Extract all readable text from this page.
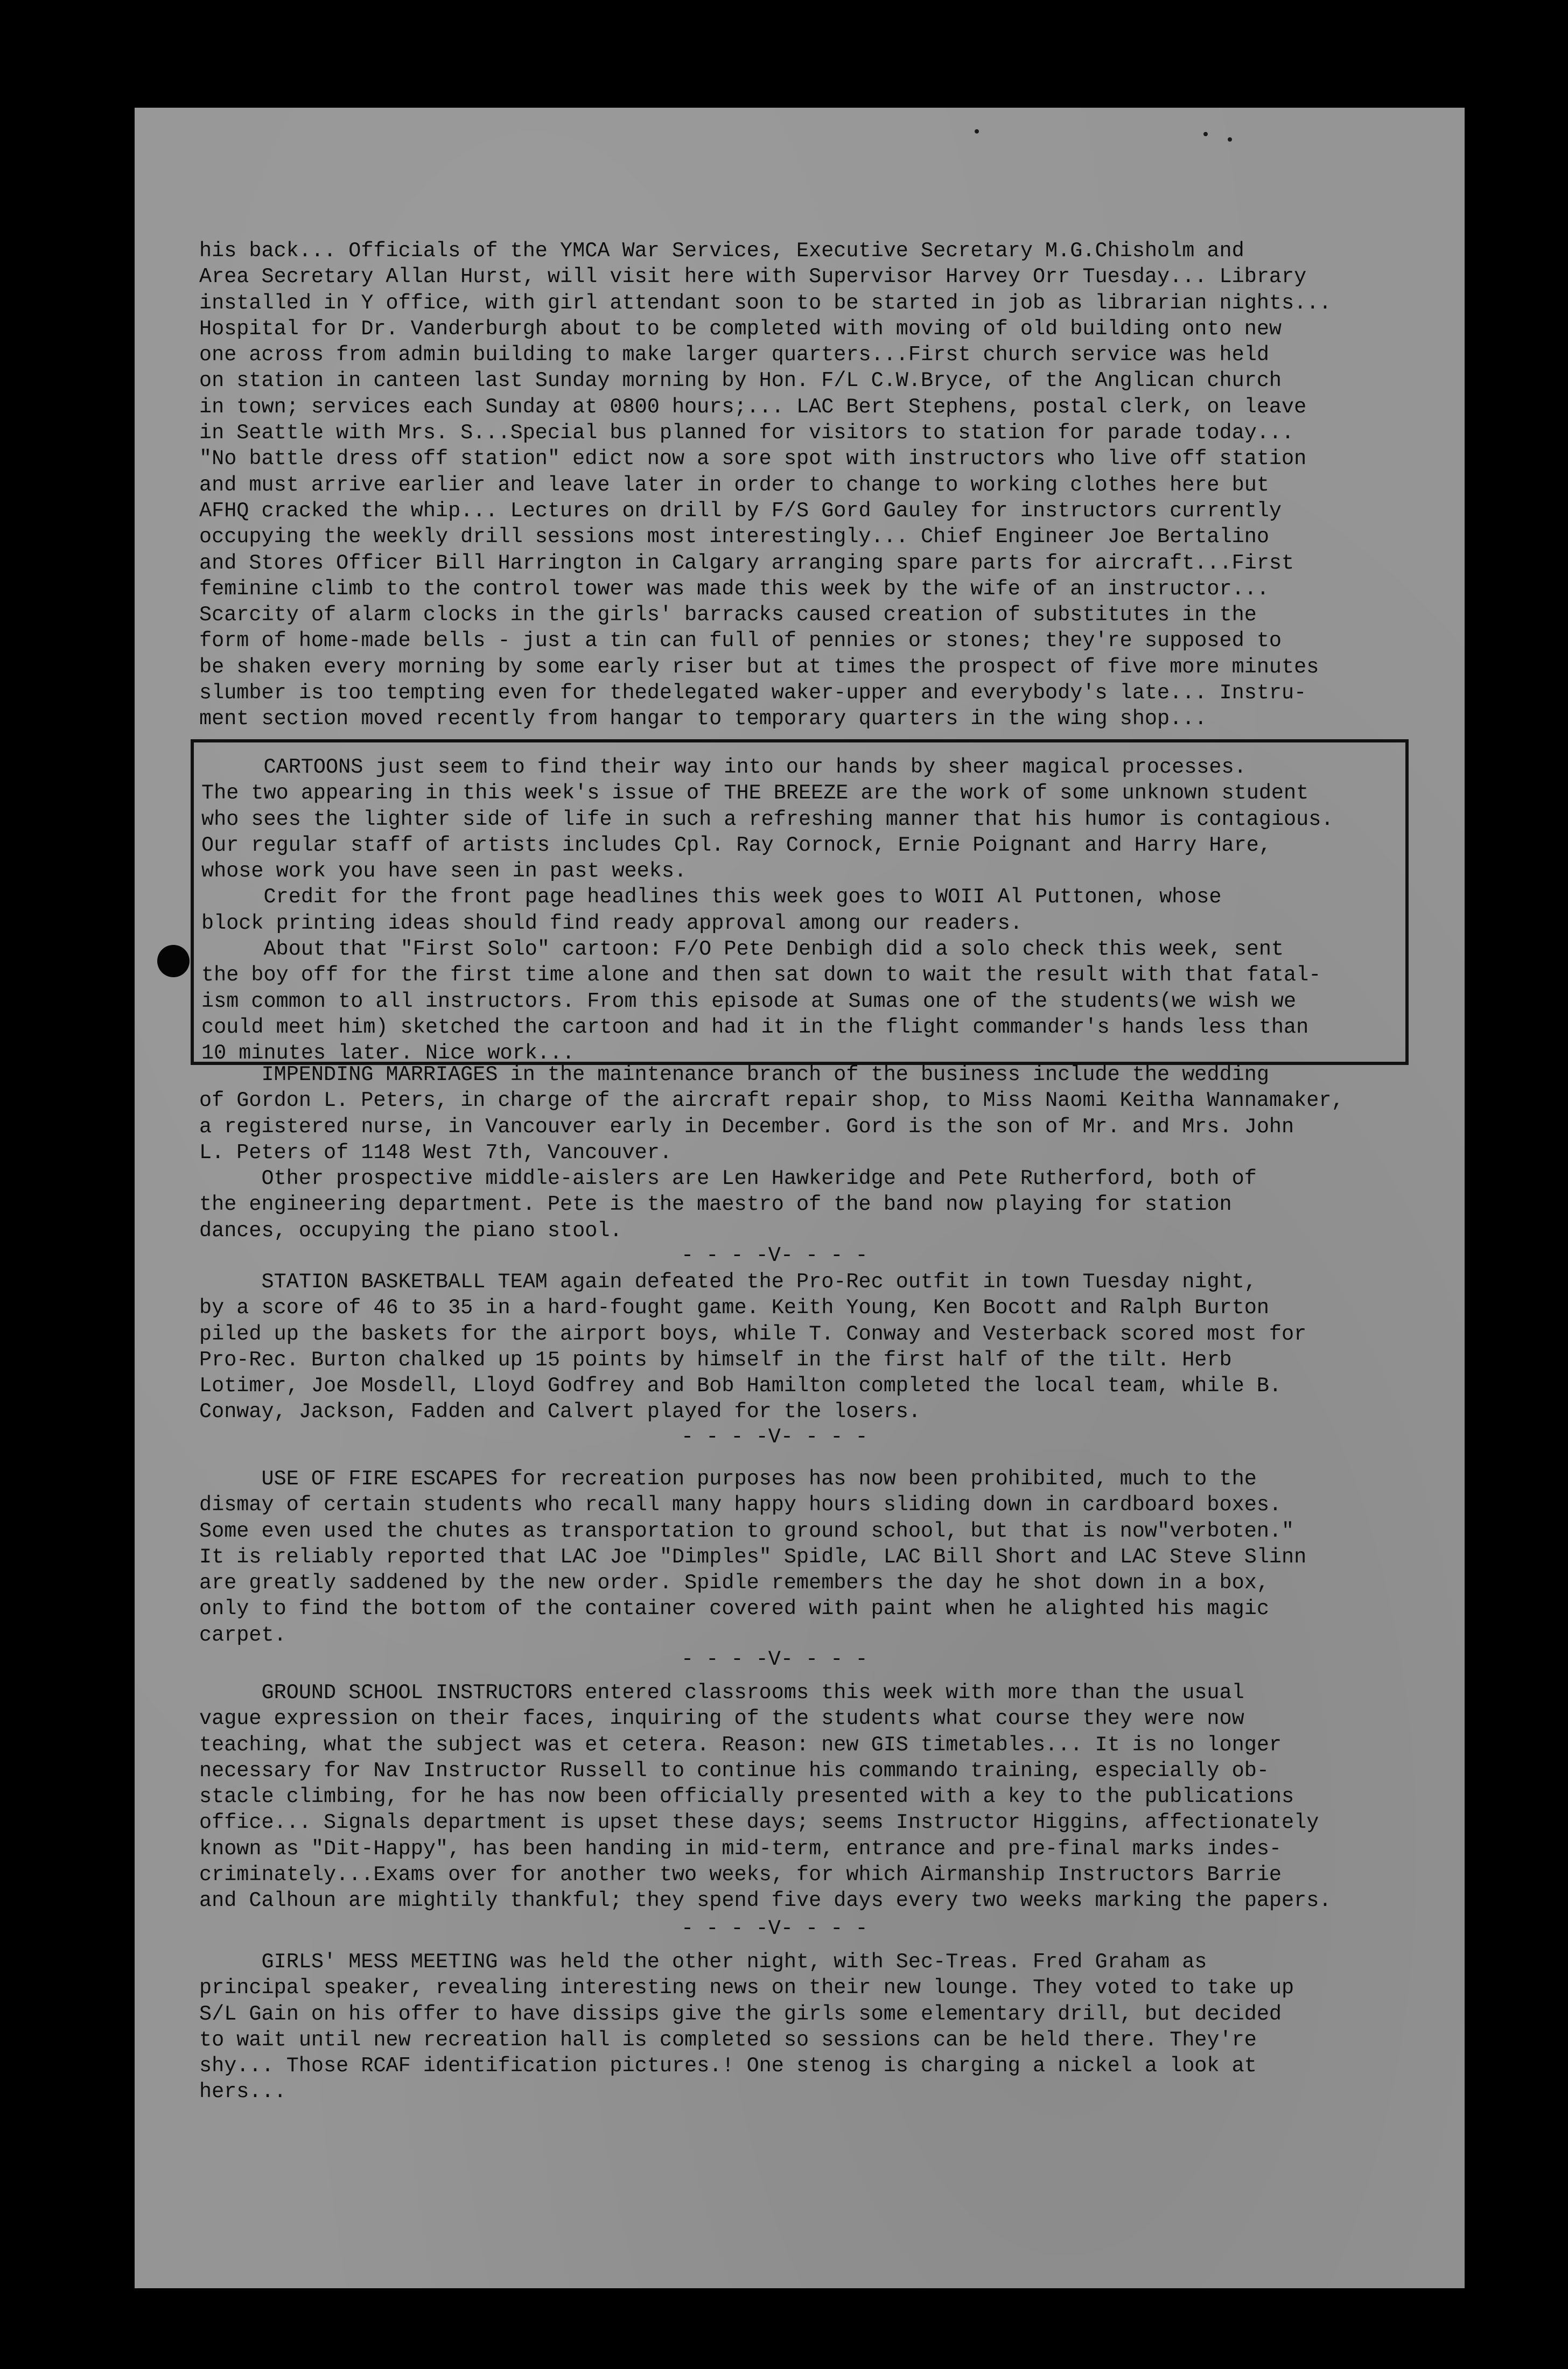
his back... Officials of the YMCA War Services, Executive Secretary M.G.Chisholm and
Area Secretary Allan Hurst, will visit here with Supervisor Harvey Orr Tuesday... Library
installed in Y office, with girl attendant soon to be started in job as librarian nights...
Hospital for Dr. Vanderburgh about to be completed with moving of old building onto new
one across from admin building to make larger quarters...First church service was held
on station in canteen last Sunday morning by Hon. F/L C.W.Bryce, of the Anglican church
in town; services each Sunday at 0800 hours;... LAC Bert Stephens, postal clerk, on leave
in Seattle with Mrs. S...Special bus planned for visitors to station for parade today...
"No battle dress off station" edict now a sore spot with instructors who live off station
and must arrive earlier and leave later in order to change to working clothes here but
AFHQ cracked the whip... Lectures on drill by F/S Gord Gauley for instructors currently
occupying the weekly drill sessions most interestingly... Chief Engineer Joe Bertalino
and Stores Officer Bill Harrington in Calgary arranging spare parts for aircraft...First
feminine climb to the control tower was made this week by the wife of an instructor...
Scarcity of alarm clocks in the girls' barracks caused creation of substitutes in the
form of home-made bells - just a tin can full of pennies or stones; they're supposed to
be shaken every morning by some early riser but at times the prospect of five more minutes
slumber is too tempting even for thedelegated waker-upper and everybody's late... Instru-
ment section moved recently from hangar to temporary quarters in the wing shop...
CARTOONS just seem to find their way into our hands by sheer magical processes.
The two appearing in this week's issue of THE BREEZE are the work of some unknown student
who sees the lighter side of life in such a refreshing manner that his humor is contagious.
Our regular staff of artists includes Cpl. Ray Cornock, Ernie Poignant and Harry Hare,
whose work you have seen in past weeks.
Credit for the front page headlines this week goes to WOII Al Puttonen, whose
block printing ideas should find ready approval among our readers.
About that "First Solo" cartoon: F/O Pete Denbigh did a solo check this week, sent
the boy off for the first time alone and then sat down to wait the result with that fatal-
ism common to all instructors. From this episode at Sumas one of the students(we wish we
could meet him) sketched the cartoon and had it in the flight commander's hands less than
10 minutes later. Nice work...
IMPENDING MARRIAGES in the maintenance branch of the business include the wedding
of Gordon L. Peters, in charge of the aircraft repair shop, to Miss Naomi Keitha Wannamaker,
a registered nurse, in Vancouver early in December. Gord is the son of Mr. and Mrs. John
L. Peters of 1148 West 7th, Vancouver.
Other prospective middle-aislers are Len Hawkeridge and Pete Rutherford, both of
the engineering department. Pete is the maestro of the band now playing for station
dances, occupying the piano stool.
- - - -V- - - -
STATION BASKETBALL TEAM again defeated the Pro-Rec outfit in town Tuesday night,
by a score of 46 to 35 in a hard-fought game. Keith Young, Ken Bocott and Ralph Burton
piled up the baskets for the airport boys, while T. Conway and Vesterback scored most for
Pro-Rec. Burton chalked up 15 points by himself in the first half of the tilt. Herb
Lotimer, Joe Mosdell, Lloyd Godfrey and Bob Hamilton completed the local team, while B.
Conway, Jackson, Fadden and Calvert played for the losers.
- - - -V- - - -
USE OF FIRE ESCAPES for recreation purposes has now been prohibited, much to the
dismay of certain students who recall many happy hours sliding down in cardboard boxes.
Some even used the chutes as transportation to ground school, but that is now"verboten."
It is reliably reported that LAC Joe "Dimples" Spidle, LAC Bill Short and LAC Steve Slinn
are greatly saddened by the new order. Spidle remembers the day he shot down in a box,
only to find the bottom of the container covered with paint when he alighted his magic
carpet.
- - - -V- - - -
GROUND SCHOOL INSTRUCTORS entered classrooms this week with more than the usual
vague expression on their faces, inquiring of the students what course they were now
teaching, what the subject was et cetera. Reason: new GIS timetables... It is no longer
necessary for Nav Instructor Russell to continue his commando training, especially ob-
stacle climbing, for he has now been officially presented with a key to the publications
office... Signals department is upset these days; seems Instructor Higgins, affectionately
known as "Dit-Happy", has been handing in mid-term, entrance and pre-final marks indes-
criminately...Exams over for another two weeks, for which Airmanship Instructors Barrie
and Calhoun are mightily thankful; they spend five days every two weeks marking the papers.
- - - -V- - - -
GIRLS' MESS MEETING was held the other night, with Sec-Treas. Fred Graham as
principal speaker, revealing interesting news on their new lounge. They voted to take up
S/L Gain on his offer to have dissips give the girls some elementary drill, but decided
to wait until new recreation hall is completed so sessions can be held there. They're
shy... Those RCAF identification pictures.! One stenog is charging a nickel a look at
hers...
